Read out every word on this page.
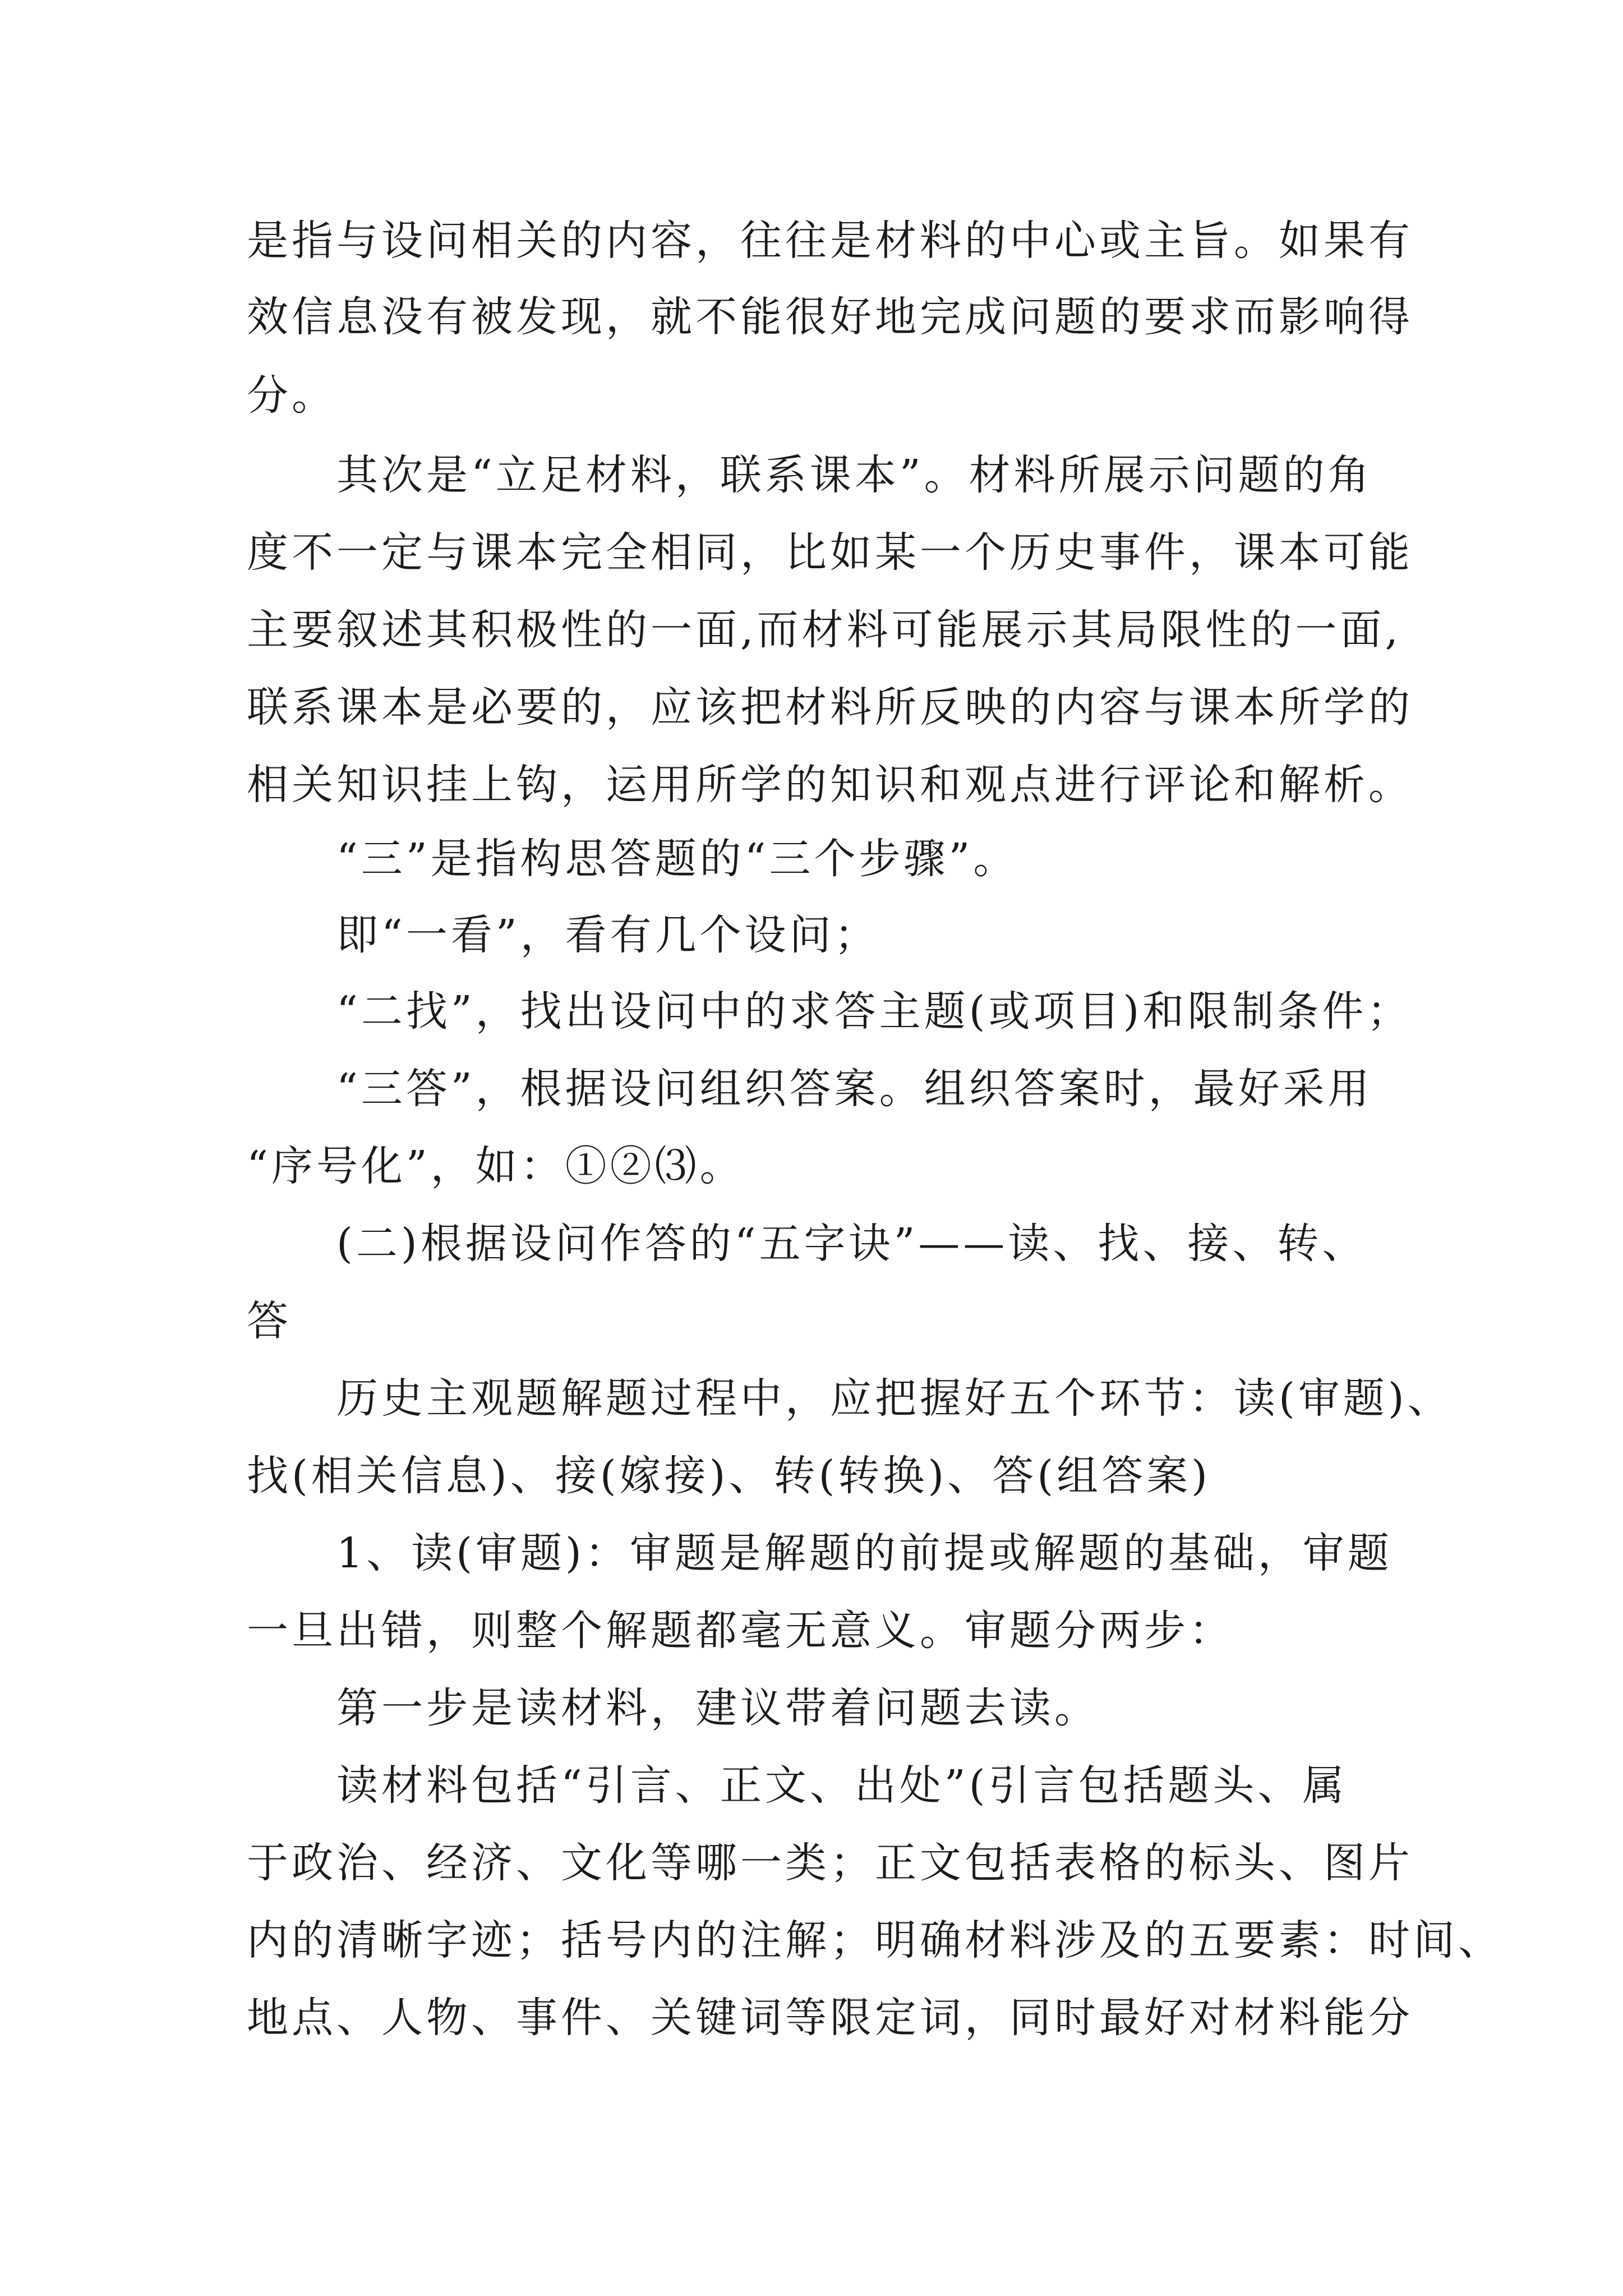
是指与设问相关的内容，往往是材料的中心或主旨。如果有

效信息没有被发现，就不能很好地完成问题的要求而影响得

分。

其次是“立足材料，联系课本”。材料所展示问题的角

度不一定与课本完全相同，比如某一个历史事件，课本可能

主要叙述其积极性的一面,而材料可能展示其局限性的一面,

联系课本是必要的，应该把材料所反映的内容与课本所学的

相关知识挂上钩，运用所学的知识和观点进行评论和解析。

“三”是指构思答题的“三个步骤”。

即“一看”，看有几个设问；

“二找”，找出设问中的求答主题(或项目)和限制条件；

“三答”，根据设问组织答案。组织答案时，最好采用

“序号化”，如：①②⑶。

(二)根据设问作答的“五字诀”——读、找、接、转、

答

历史主观题解题过程中，应把握好五个环节：读(审题)、

找(相关信息)、接(嫁接)、转(转换)、答(组答案)

1、读(审题)：审题是解题的前提或解题的基础，审题

一旦出错，则整个解题都毫无意义。审题分两步：

第一步是读材料，建议带着问题去读。

读材料包括“引言、正文、出处”(引言包括题头、属

于政治、经济、文化等哪一类；正文包括表格的标头、图片

内的清晰字迹；括号内的注解；明确材料涉及的五要素：时间、

地点、人物、事件、关键词等限定词，同时最好对材料能分
